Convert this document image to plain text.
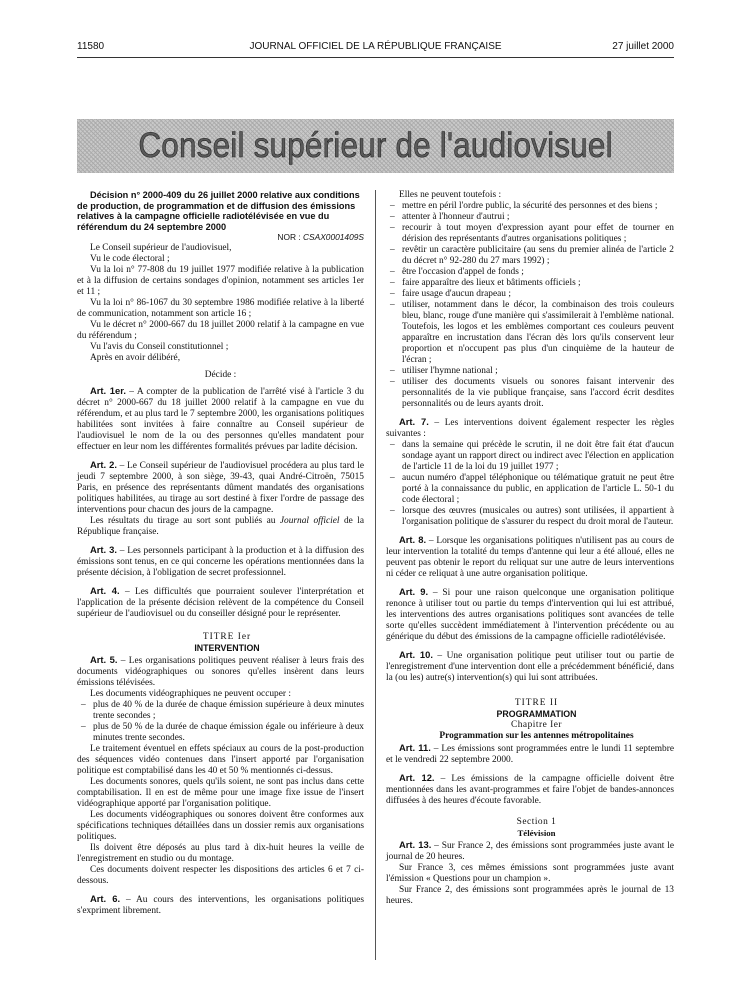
11580	JOURNAL OFFICIEL DE LA RÉPUBLIQUE FRANÇAISE	27 juillet 2000
Conseil supérieur de l'audiovisuel

Décision n° 2000-409 du 26 juillet 2000 relative aux conditions de production, de programmation et de diffusion des émissions relatives à la campagne officielle radiotélévisée en vue du référendum du 24 septembre 2000

NOR : CSAX0001409S

Le Conseil supérieur de l'audiovisuel,

Vu le code électoral ;

Vu la loi n° 77-808 du 19 juillet 1977 modifiée relative à la publication et à la diffusion de certains sondages d'opinion, notamment ses articles 1er et 11 ;

Vu la loi n° 86-1067 du 30 septembre 1986 modifiée relative à la liberté de communication, notamment son article 16 ;

Vu le décret n° 2000-667 du 18 juillet 2000 relatif à la campagne en vue du référendum ;

Vu l'avis du Conseil constitutionnel ;

Après en avoir délibéré,

Décide :

Art. 1er. – A compter de la publication de l'arrêté visé à l'article 3 du décret n° 2000-667 du 18 juillet 2000 relatif à la campagne en vue du référendum, et au plus tard le 7 septembre 2000, les organisations politiques habilitées sont invitées à faire connaître au Conseil supérieur de l'audiovisuel le nom de la ou des personnes qu'elles mandatent pour effectuer en leur nom les différentes formalités prévues par ladite décision.

Art. 2. – Le Conseil supérieur de l'audiovisuel procédera au plus tard le jeudi 7 septembre 2000, à son siège, 39-43, quai André-Citroën, 75015 Paris, en présence des représentants dûment mandatés des organisations politiques habilitées, au tirage au sort destiné à fixer l'ordre de passage des interventions pour chacun des jours de la campagne.

Les résultats du tirage au sort sont publiés au Journal officiel de la République française.

Art. 3. – Les personnels participant à la production et à la diffusion des émissions sont tenus, en ce qui concerne les opérations mentionnées dans la présente décision, à l'obligation de secret professionnel.

Art. 4. – Les difficultés que pourraient soulever l'interprétation et l'application de la présente décision relèvent de la compétence du Conseil supérieur de l'audiovisuel ou du conseiller désigné pour le représenter.

TITRE Ier

INTERVENTION

Art. 5. – Les organisations politiques peuvent réaliser à leurs frais des documents vidéographiques ou sonores qu'elles insèrent dans leurs émissions télévisées.

Les documents vidéographiques ne peuvent occuper :

– plus de 40 % de la durée de chaque émission supérieure à deux minutes trente secondes ;
– plus de 50 % de la durée de chaque émission égale ou inférieure à deux minutes trente secondes.

Le traitement éventuel en effets spéciaux au cours de la post-production des séquences vidéo contenues dans l'insert apporté par l'organisation politique est comptabilisé dans les 40 et 50 % mentionnés ci-dessus.

Les documents sonores, quels qu'ils soient, ne sont pas inclus dans cette comptabilisation. Il en est de même pour une image fixe issue de l'insert vidéographique apporté par l'organisation politique.

Les documents vidéographiques ou sonores doivent être conformes aux spécifications techniques détaillées dans un dossier remis aux organisations politiques.

Ils doivent être déposés au plus tard à dix-huit heures la veille de l'enregistrement en studio ou du montage.

Ces documents doivent respecter les dispositions des articles 6 et 7 ci-dessous.

Art. 6. – Au cours des interventions, les organisations politiques s'expriment librement.

Elles ne peuvent toutefois :

– mettre en péril l'ordre public, la sécurité des personnes et des biens ;
– attenter à l'honneur d'autrui ;
– recourir à tout moyen d'expression ayant pour effet de tourner en dérision des représentants d'autres organisations politiques ;
– revêtir un caractère publicitaire (au sens du premier alinéa de l'article 2 du décret n° 92-280 du 27 mars 1992) ;
– être l'occasion d'appel de fonds ;
– faire apparaître des lieux et bâtiments officiels ;
– faire usage d'aucun drapeau ;
– utiliser, notamment dans le décor, la combinaison des trois couleurs bleu, blanc, rouge d'une manière qui s'assimilerait à l'emblème national. Toutefois, les logos et les emblèmes comportant ces couleurs peuvent apparaître en incrustation dans l'écran dès lors qu'ils conservent leur proportion et n'occupent pas plus d'un cinquième de la hauteur de l'écran ;
– utiliser l'hymne national ;
– utiliser des documents visuels ou sonores faisant intervenir des personnalités de la vie publique française, sans l'accord écrit desdites personnalités ou de leurs ayants droit.

Art. 7. – Les interventions doivent également respecter les règles suivantes :

– dans la semaine qui précède le scrutin, il ne doit être fait état d'aucun sondage ayant un rapport direct ou indirect avec l'élection en application de l'article 11 de la loi du 19 juillet 1977 ;
– aucun numéro d'appel téléphonique ou télématique gratuit ne peut être porté à la connaissance du public, en application de l'article L. 50-1 du code électoral ;
– lorsque des œuvres (musicales ou autres) sont utilisées, il appartient à l'organisation politique de s'assurer du respect du droit moral de l'auteur.

Art. 8. – Lorsque les organisations politiques n'utilisent pas au cours de leur intervention la totalité du temps d'antenne qui leur a été alloué, elles ne peuvent pas obtenir le report du reliquat sur une autre de leurs interventions ni céder ce reliquat à une autre organisation politique.

Art. 9. – Si pour une raison quelconque une organisation politique renonce à utiliser tout ou partie du temps d'intervention qui lui est attribué, les interventions des autres organisations politiques sont avancées de telle sorte qu'elles succèdent immédiatement à l'intervention précédente ou au générique du début des émissions de la campagne officielle radiotélévisée.

Art. 10. – Une organisation politique peut utiliser tout ou partie de l'enregistrement d'une intervention dont elle a précédemment bénéficié, dans la (ou les) autre(s) intervention(s) qui lui sont attribuées.

TITRE II

PROGRAMMATION

Chapitre Ier

Programmation sur les antennes métropolitaines

Art. 11. – Les émissions sont programmées entre le lundi 11 septembre et le vendredi 22 septembre 2000.

Art. 12. – Les émissions de la campagne officielle doivent être mentionnées dans les avant-programmes et faire l'objet de bandes-annonces diffusées à des heures d'écoute favorable.

Section 1

Télévision

Art. 13. – Sur France 2, des émissions sont programmées juste avant le journal de 20 heures.

Sur France 3, ces mêmes émissions sont programmées juste avant l'émission « Questions pour un champion ».

Sur France 2, des émissions sont programmées après le journal de 13 heures.
